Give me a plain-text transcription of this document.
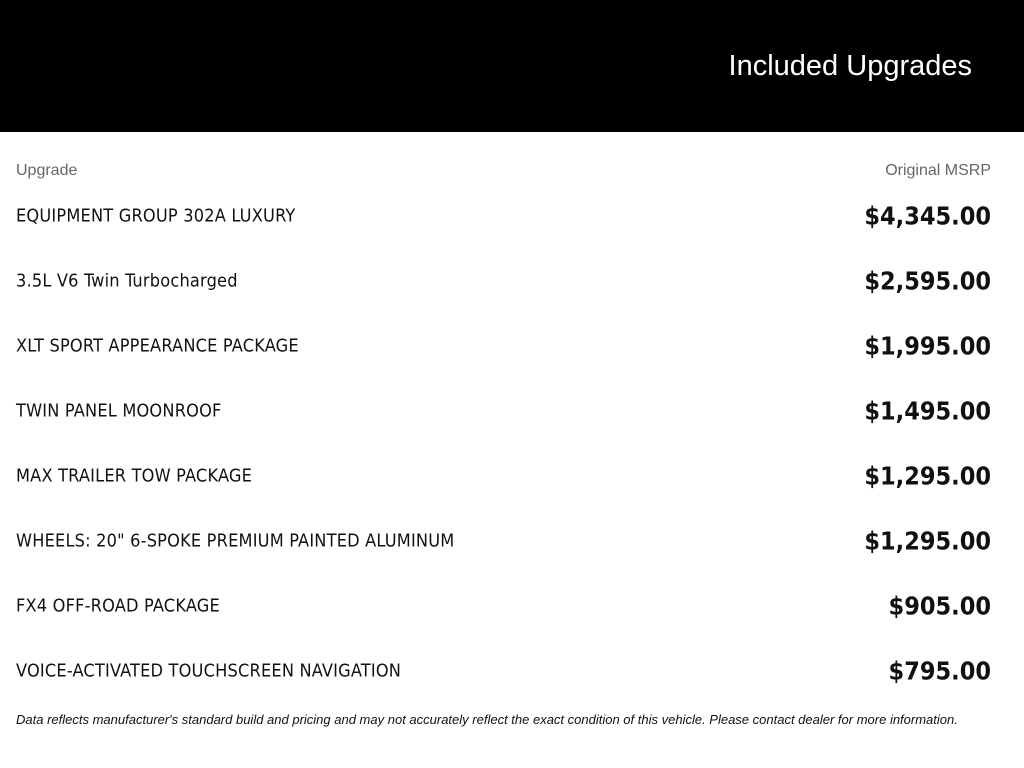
Included Upgrades
Upgrade	Original MSRP
EQUIPMENT GROUP 302A LUXURY	$4,345.00
3.5L V6 Twin Turbocharged	$2,595.00
XLT SPORT APPEARANCE PACKAGE	$1,995.00
TWIN PANEL MOONROOF	$1,495.00
MAX TRAILER TOW PACKAGE	$1,295.00
WHEELS: 20" 6-SPOKE PREMIUM PAINTED ALUMINUM	$1,295.00
FX4 OFF-ROAD PACKAGE	$905.00
VOICE-ACTIVATED TOUCHSCREEN NAVIGATION	$795.00
Data reflects manufacturer's standard build and pricing and may not accurately reflect the exact condition of this vehicle. Please contact dealer for more information.
